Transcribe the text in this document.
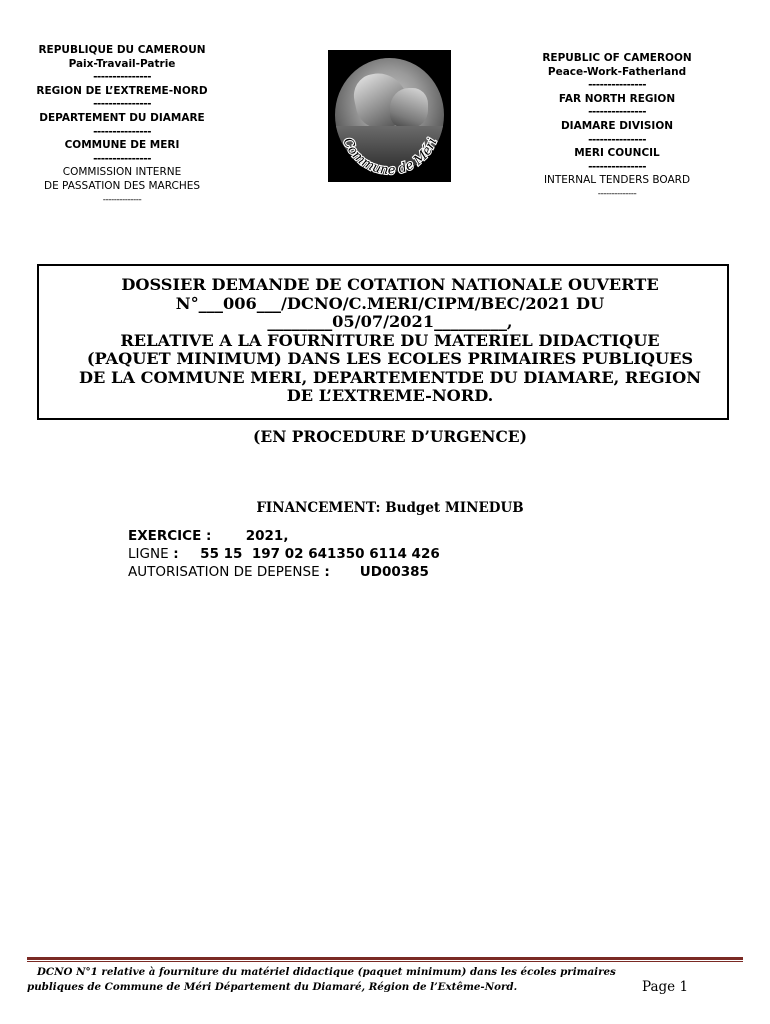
REPUBLIQUE DU CAMEROUN
Paix-Travail-Patrie
---------------
REGION DE L’EXTREME-NORD
---------------
DEPARTEMENT DU DIAMARE
---------------
COMMUNE DE MERI
---------------
COMMISSION INTERNE
DE PASSATION DES MARCHES
--------------
Commune de Méri
REPUBLIC OF CAMEROON
Peace-Work-Fatherland
---------------
FAR NORTH REGION
---------------
DIAMARE DIVISION
---------------
MERI COUNCIL
---------------
INTERNAL TENDERS BOARD
--------------
DOSSIER DEMANDE DE COTATION NATIONALE OUVERTE
N°___006___/DCNO/C.MERI/CIPM/BEC/2021 DU
________05/07/2021_________,
RELATIVE A LA FOURNITURE DU MATERIEL DIDACTIQUE
(PAQUET MINIMUM) DANS LES ECOLES PRIMAIRES PUBLIQUES
DE LA COMMUNE MERI, DEPARTEMENTDE DU DIAMARE, REGION
DE L’EXTREME-NORD.
(EN PROCEDURE D’URGENCE)
FINANCEMENT: Budget MINEDUB
EXERCICE :	2021,
LIGNE : 55 15  197 02 641350 6114 426
AUTORISATION DE DEPENSE : UD00385
DCNO N°1 relative à fourniture du matériel didactique (paquet minimum) dans les écoles primaires
publiques de Commune de Méri Département du Diamaré, Région de l’Extême-Nord.	Page 1
